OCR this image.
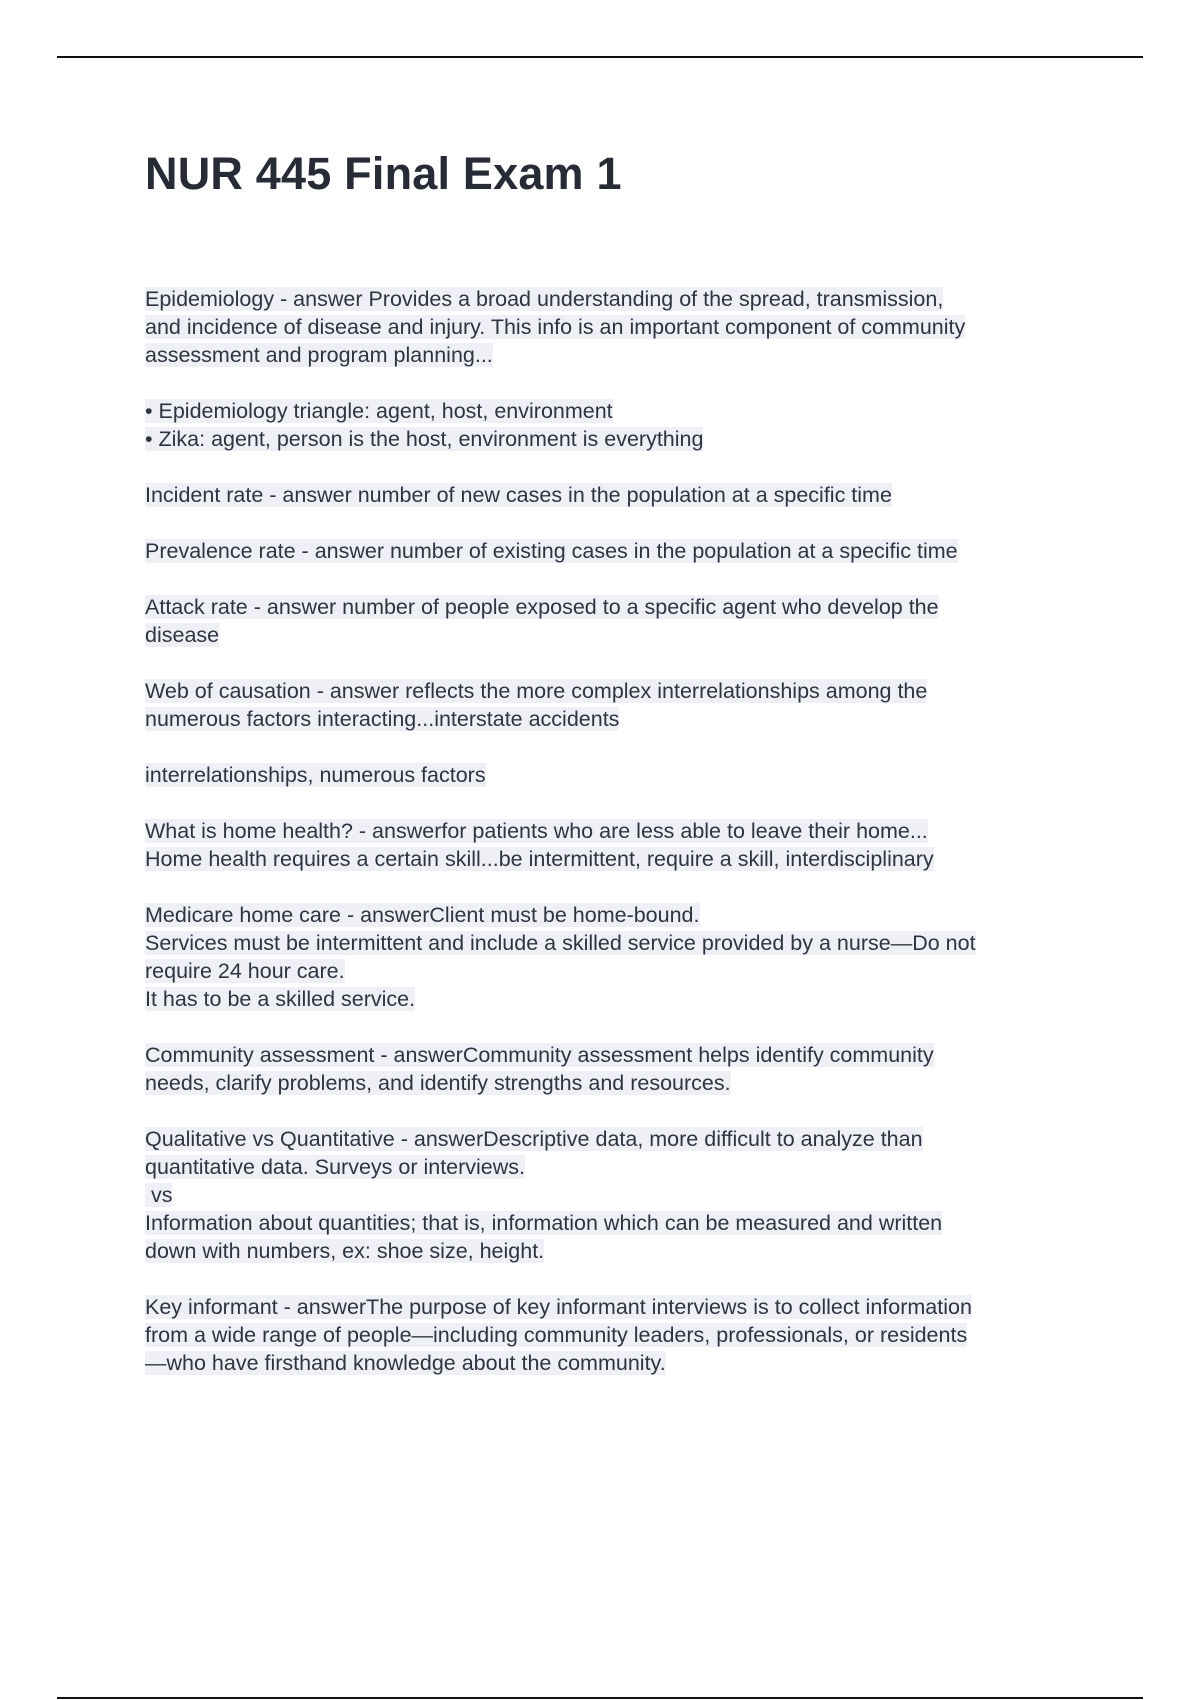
NUR 445 Final Exam 1
Epidemiology - answer Provides a broad understanding of the spread, transmission,
and incidence of disease and injury. This info is an important component of community
assessment and program planning...
• Epidemiology triangle: agent, host, environment
• Zika: agent, person is the host, environment is everything
Incident rate - answer number of new cases in the population at a specific time
Prevalence rate - answer number of existing cases in the population at a specific time
Attack rate - answer number of people exposed to a specific agent who develop the
disease
Web of causation - answer reflects the more complex interrelationships among the
numerous factors interacting...interstate accidents
interrelationships, numerous factors
What is home health? - answerfor patients who are less able to leave their home...
Home health requires a certain skill...be intermittent, require a skill, interdisciplinary
Medicare home care - answerClient must be home-bound.
Services must be intermittent and include a skilled service provided by a nurse—Do not
require 24 hour care.
It has to be a skilled service.
Community assessment - answerCommunity assessment helps identify community
needs, clarify problems, and identify strengths and resources.
Qualitative vs Quantitative - answerDescriptive data, more difficult to analyze than
quantitative data. Surveys or interviews.
vs
Information about quantities; that is, information which can be measured and written
down with numbers, ex: shoe size, height.
Key informant - answerThe purpose of key informant interviews is to collect information
from a wide range of people—including community leaders, professionals, or residents
—who have firsthand knowledge about the community.
